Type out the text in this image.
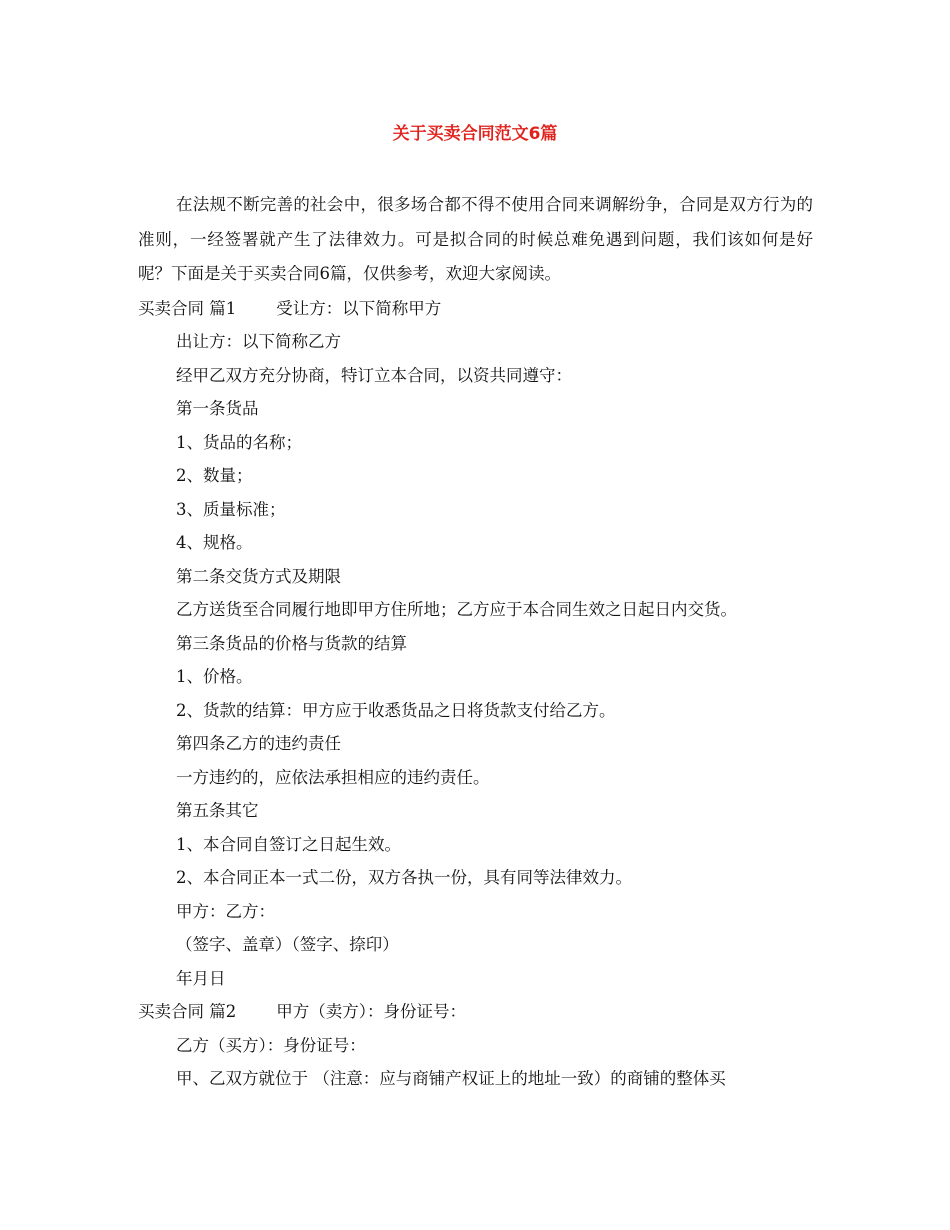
关于买卖合同范文6篇

在法规不断完善的社会中，很多场合都不得不使用合同来调解纷争，合同是双方行为的准则，一经签署就产生了法律效力。可是拟合同的时候总难免遇到问题，我们该如何是好呢？下面是关于买卖合同6篇，仅供参考，欢迎大家阅读。

买卖合同 篇1 受让方：以下简称甲方

出让方：以下简称乙方

经甲乙双方充分协商，特订立本合同，以资共同遵守：

第一条货品

1、货品的名称；

2、数量；

3、质量标准；

4、规格。

第二条交货方式及期限

乙方送货至合同履行地即甲方住所地；乙方应于本合同生效之日起日内交货。

第三条货品的价格与货款的结算

1、价格。

2、货款的结算：甲方应于收悉货品之日将货款支付给乙方。

第四条乙方的违约责任

一方违约的，应依法承担相应的违约责任。

第五条其它

1、本合同自签订之日起生效。

2、本合同正本一式二份，双方各执一份，具有同等法律效力。

甲方：乙方：

（签字、盖章）（签字、捺印）

年月日

买卖合同 篇2 甲方（卖方）：身份证号：

乙方（买方）：身份证号：

甲、乙双方就位于 （注意：应与商铺产权证上的地址一致）的商铺的整体买
